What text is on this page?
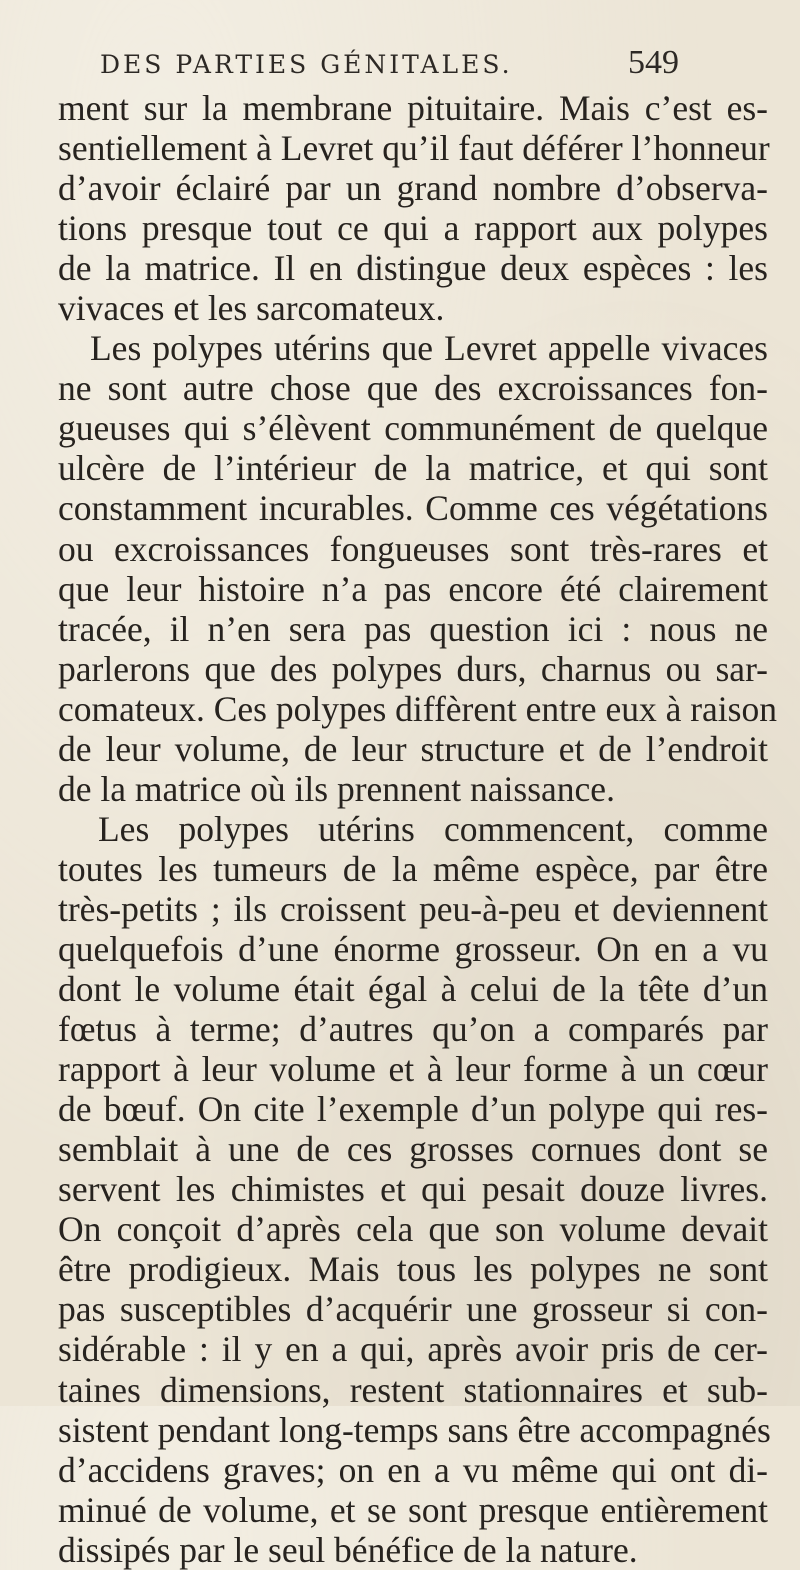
DES PARTIES GÉNITALES.	549
ment sur la membrane pituitaire. Mais c’est es-
sentiellement à Levret qu’il faut déférer l’honneur
d’avoir éclairé par un grand nombre d’observa-
tions presque tout ce qui a rapport aux polypes
de la matrice. Il en distingue deux espèces : les
vivaces et les sarcomateux.
Les polypes utérins que Levret appelle vivaces
ne sont autre chose que des excroissances fon-
gueuses qui s’élèvent communément de quelque
ulcère de l’intérieur de la matrice, et qui sont
constamment incurables. Comme ces végétations
ou excroissances fongueuses sont très-rares et
que leur histoire n’a pas encore été clairement
tracée, il n’en sera pas question ici : nous ne
parlerons que des polypes durs, charnus ou sar-
comateux. Ces polypes diffèrent entre eux à raison
de leur volume, de leur structure et de l’endroit
de la matrice où ils prennent naissance.
Les polypes utérins commencent, comme
toutes les tumeurs de la même espèce, par être
très-petits ; ils croissent peu-à-peu et deviennent
quelquefois d’une énorme grosseur. On en a vu
dont le volume était égal à celui de la tête d’un
fœtus à terme; d’autres qu’on a comparés par
rapport à leur volume et à leur forme à un cœur
de bœuf. On cite l’exemple d’un polype qui res-
semblait à une de ces grosses cornues dont se
servent les chimistes et qui pesait douze livres.
On conçoit d’après cela que son volume devait
être prodigieux. Mais tous les polypes ne sont
pas susceptibles d’acquérir une grosseur si con-
sidérable : il y en a qui, après avoir pris de cer-
taines dimensions, restent stationnaires et sub-
sistent pendant long-temps sans être accompagnés
d’accidens graves; on en a vu même qui ont di-
minué de volume, et se sont presque entièrement
dissipés par le seul bénéfice de la nature.
